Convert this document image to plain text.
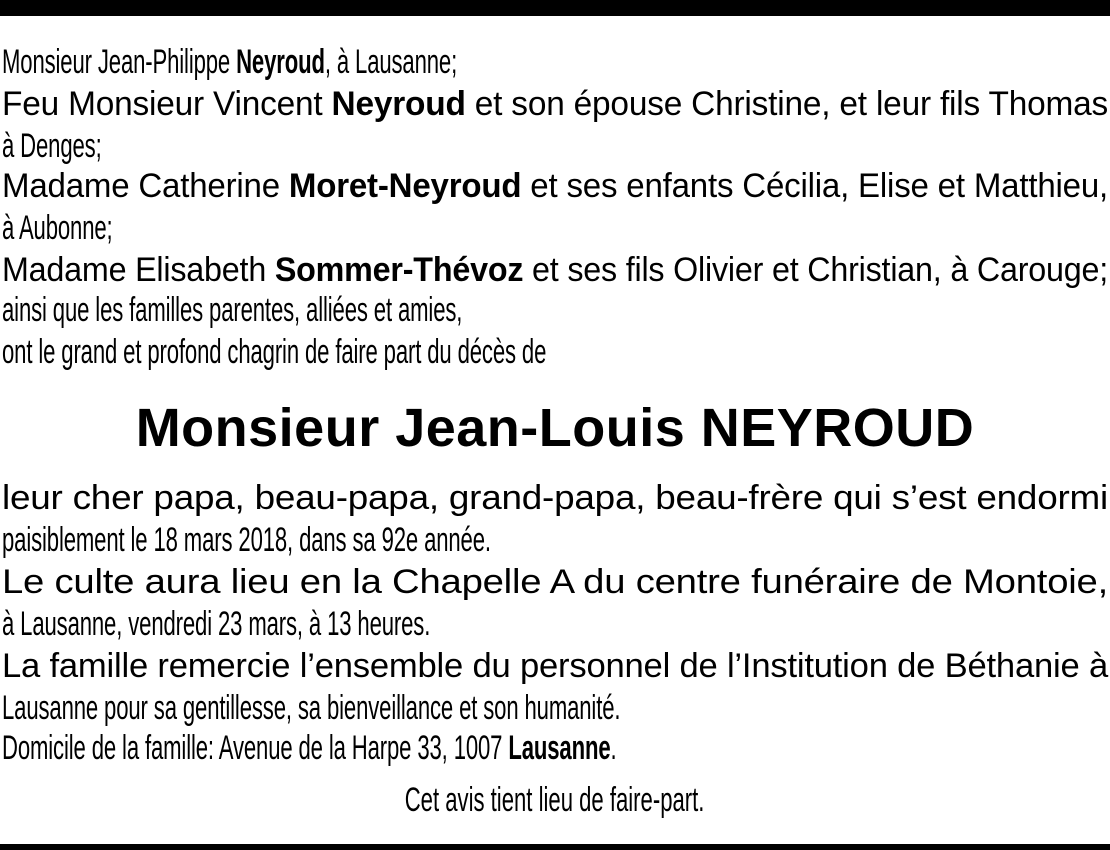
Monsieur Jean-Philippe Neyroud, à Lausanne;
Feu Monsieur Vincent Neyroud et son épouse Christine, et leur fils Thomas
à Denges;
Madame Catherine Moret-Neyroud et ses enfants Cécilia, Elise et Matthieu,
à Aubonne;
Madame Elisabeth Sommer-Thévoz et ses fils Olivier et Christian, à Carouge;
ainsi que les familles parentes, alliées et amies,
ont le grand et profond chagrin de faire part du décès de
Monsieur Jean-Louis NEYROUD
leur cher papa, beau-papa, grand-papa, beau-frère qui s’est endormi
paisiblement le 18 mars 2018, dans sa 92e année.
Le culte aura lieu en la Chapelle A du centre funéraire de Montoie,
à Lausanne, vendredi 23 mars, à 13 heures.
La famille remercie l’ensemble du personnel de l’Institution de Béthanie à
Lausanne pour sa gentillesse, sa bienveillance et son humanité.
Domicile de la famille: Avenue de la Harpe 33, 1007 Lausanne.
Cet avis tient lieu de faire-part.
